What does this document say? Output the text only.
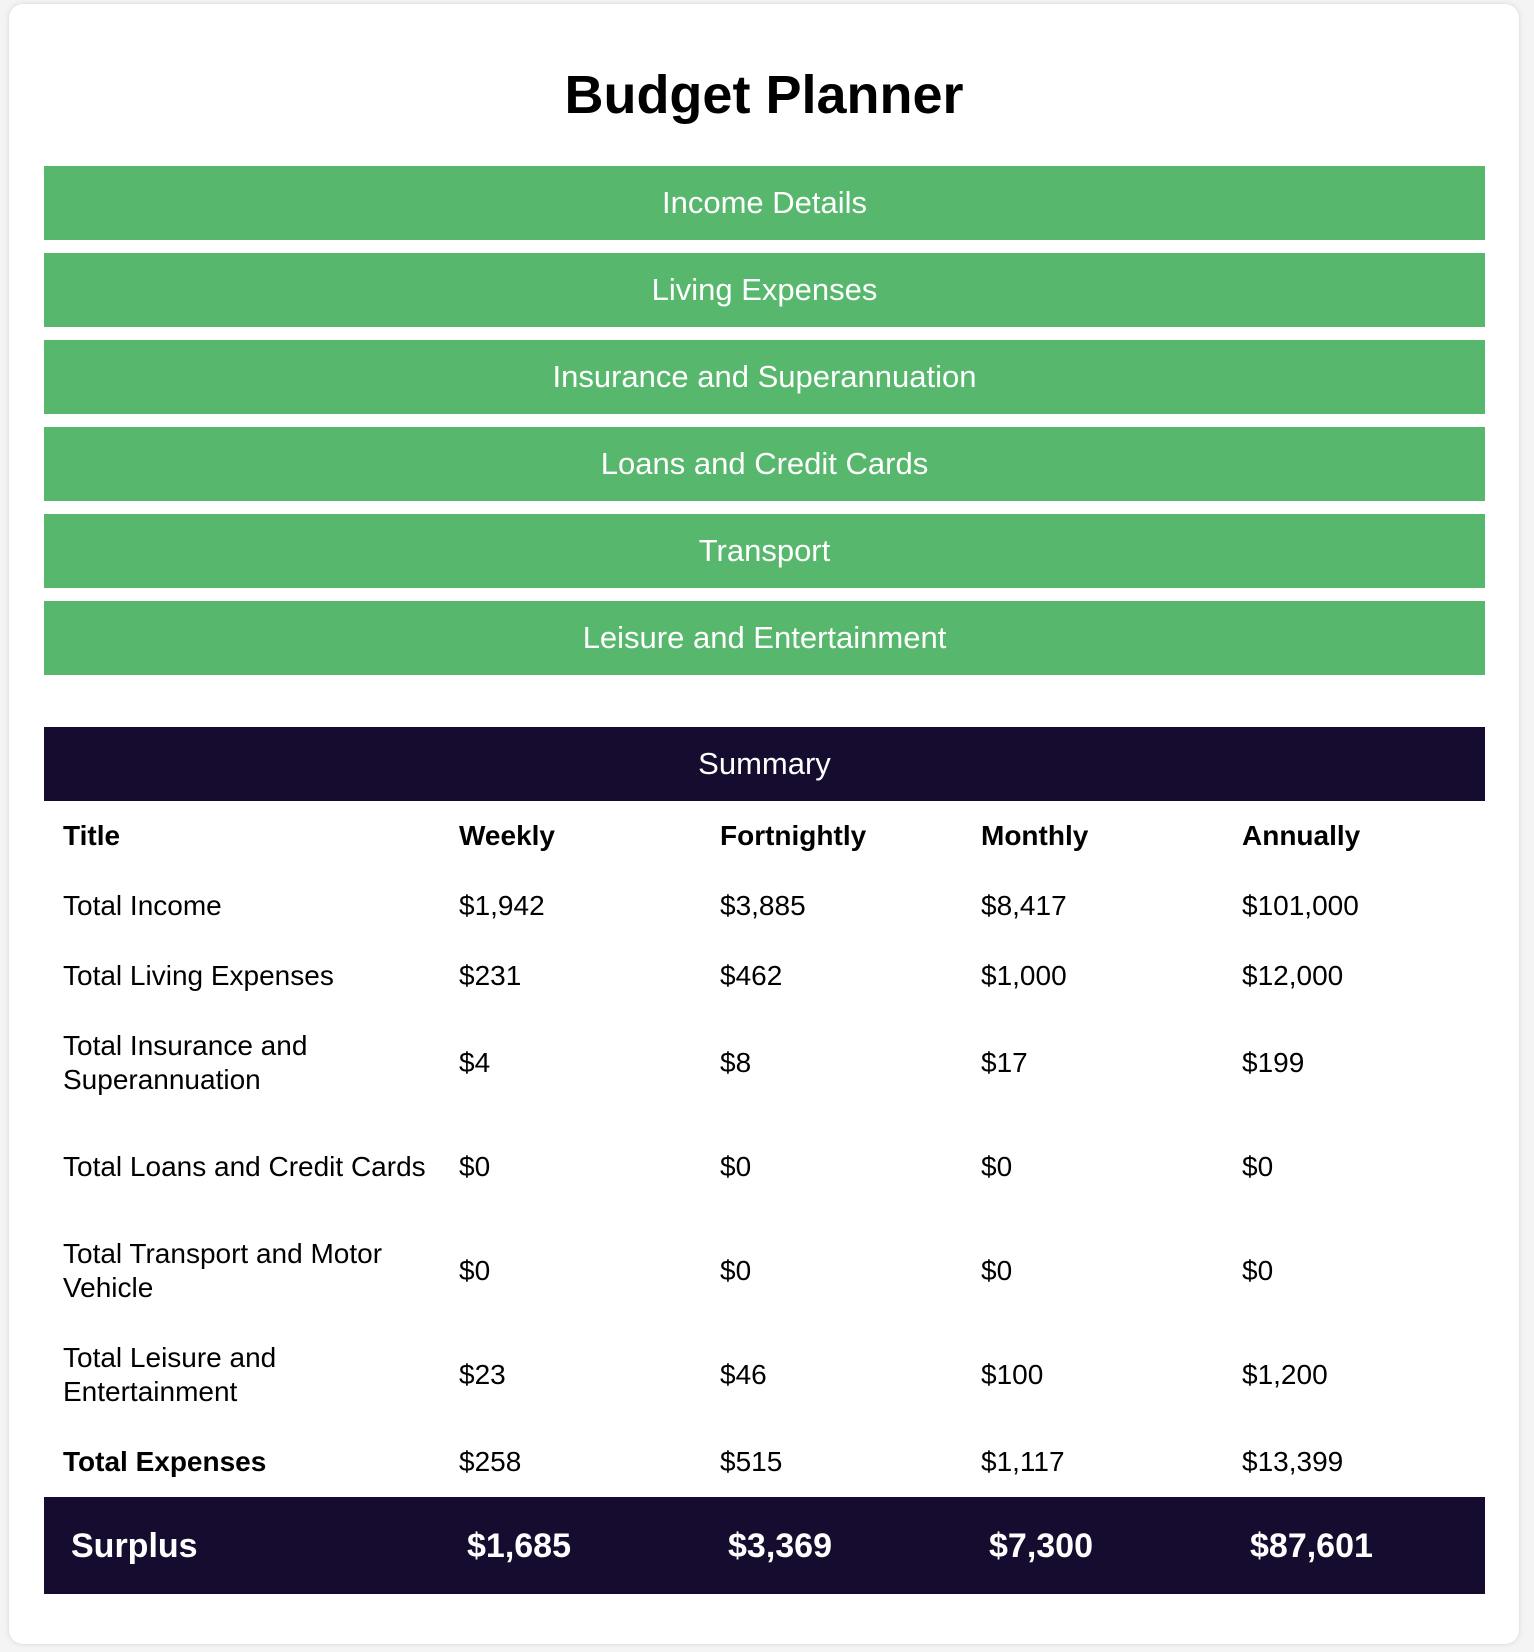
Budget Planner
Income Details
Living Expenses
Insurance and Superannuation
Loans and Credit Cards
Transport
Leisure and Entertainment
Summary
Title	Weekly	Fortnightly	Monthly	Annually
Total Income	$1,942	$3,885	$8,417	$101,000
Total Living Expenses	$231	$462	$1,000	$12,000
Total Insurance and Superannuation	$4	$8	$17	$199
Total Loans and Credit Cards	$0	$0	$0	$0
Total Transport and Motor Vehicle	$0	$0	$0	$0
Total Leisure and Entertainment	$23	$46	$100	$1,200
Total Expenses	$258	$515	$1,117	$13,399
Surplus	$1,685	$3,369	$7,300	$87,601
